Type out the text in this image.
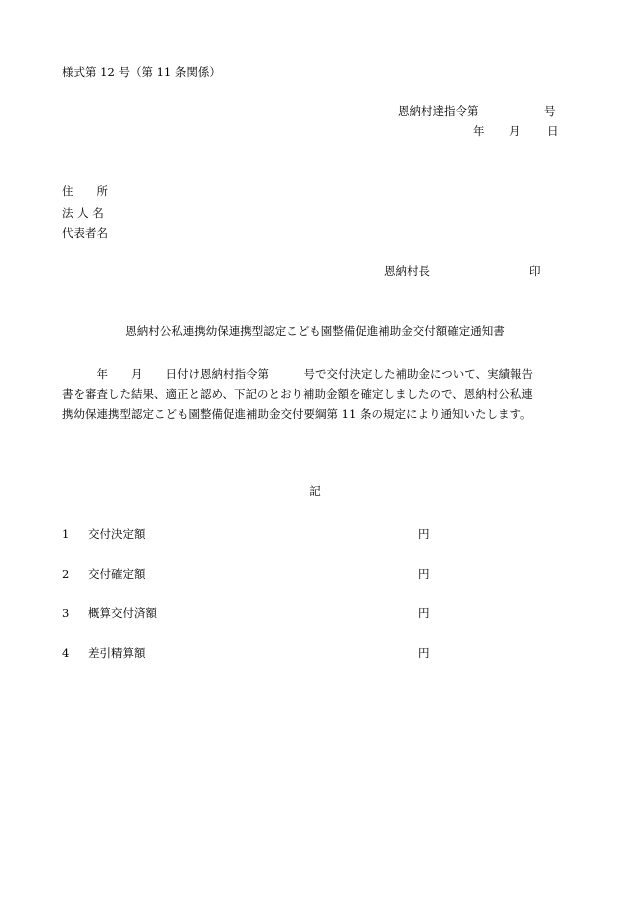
様式第 12 号（第 11 条関係）
恩納村達指令第	号
年 月 日
住　　所
法 人 名
代表者名
恩納村長	印
恩納村公私連携幼保連携型認定こども園整備促進補助金交付額確定通知書
　　　年　　月　　日付け恩納村指令第　　　号で交付決定した補助金について、実績報告
書を審査した結果、適正と認め、下記のとおり補助金額を確定しましたので、恩納村公私連
携幼保連携型認定こども園整備促進補助金交付要綱第 11 条の規定により通知いたします。
記
1 交付決定額	円
2 交付確定額	円
3 概算交付済額	円
4 差引精算額	円
